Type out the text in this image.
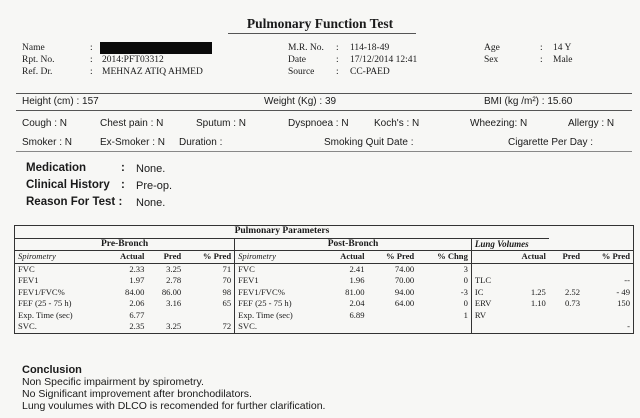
Pulmonary Function Test
Name	:
Rpt. No.	: 2014:PFT03312
Ref. Dr.	: MEHNAZ ATIQ AHMED
M.R. No. : 114-18-49
Date	: 17/12/2014 12:41
Source : CC-PAED
Age	: 14 Y
Sex	: Male
Height (cm) : 157	Weight (Kg) : 39	BMI (kg /m²) : 15.60
Cough : N	Chest pain : N	Sputum : N	Dyspnoea : N	Koch's : N	Wheezing: N	Allergy : N
Smoker : N	Ex-Smoker : N Duration :	Smoking Quit Date :	Cigarette Per Day :
Medication	: None.
Clinical History : Pre-op.
Reason For Test : None.
Pulmonary Parameters											
Pre-Bronch				Post-Bronch				Lung Volumes			
Spirometry	Actual	Pred	% Pred	Spirometry	Actual	% Pred	% Chng		Actual	Pred	% Pred
FVC	2.33	3.25	71	FVC	2.41	74.00	3				
FEV1	1.97	2.78	70	FEV1	1.96	70.00	0	TLC			--
FEV1/FVC%	84.00	86.00	98	FEV1/FVC%	81.00	94.00	-3	IC	1.25	2.52	- 49
FEF (25 - 75 h)	2.06	3.16	65	FEF (25 - 75 h)	2.04	64.00	0	ERV	1.10	0.73	150
Exp. Time (sec)	6.77			Exp. Time (sec)	6.89		1	RV			
SVC.	2.35	3.25	72	SVC.							-
Conclusion
Non Specific impairment by spirometry.
No Significant improvement after bronchodilators.
Lung voulumes with DLCO is recomended for further clarification.
